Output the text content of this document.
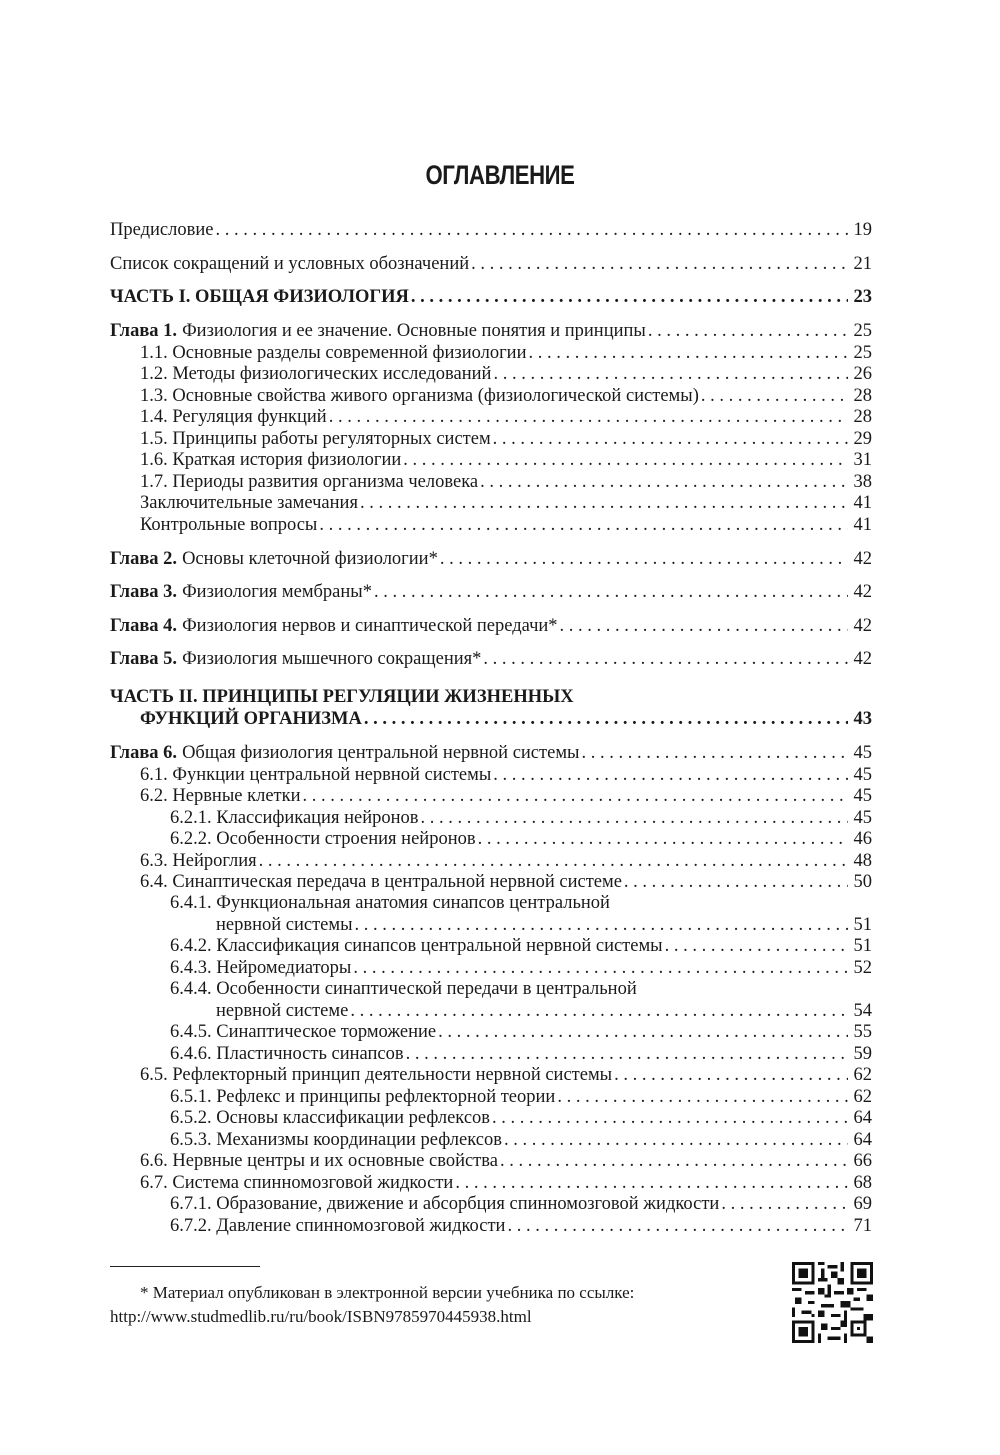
ОГЛАВЛЕНИЕ
Предисловие . . .	19
Список сокращений и условных обозначений . . .	21
ЧАСТЬ I. ОБЩАЯ ФИЗИОЛОГИЯ . . .	23
Глава 1. Физиология и ее значение. Основные понятия и принципы . . .	25
1.1. Основные разделы современной физиологии . . .	25
1.2. Методы физиологических исследований . . .	26
1.3. Основные свойства живого организма (физиологической системы) . . .	28
1.4. Регуляция функций . . .	28
1.5. Принципы работы регуляторных систем . . .	29
1.6. Краткая история физиологии . . .	31
1.7. Периоды развития организма человека . . .	38
Заключительные замечания . . .	41
Контрольные вопросы . . .	41
Глава 2. Основы клеточной физиологии* . . .	42
Глава 3. Физиология мембраны* . . .	42
Глава 4. Физиология нервов и синаптической передачи* . . .	42
Глава 5. Физиология мышечного сокращения* . . .	42
ЧАСТЬ II. ПРИНЦИПЫ РЕГУЛЯЦИИ ЖИЗНЕННЫХ
ФУНКЦИЙ ОРГАНИЗМА . . .	43
Глава 6. Общая физиология центральной нервной системы . . .	45
6.1. Функции центральной нервной системы . . .	45
6.2. Нервные клетки . . .	45
6.2.1. Классификация нейронов . . .	45
6.2.2. Особенности строения нейронов . . .	46
6.3. Нейроглия . . .	48
6.4. Синаптическая передача в центральной нервной системе . . .	50
6.4.1. Функциональная анатомия синапсов центральной
нервной системы . . .	51
6.4.2. Классификация синапсов центральной нервной системы . . .	51
6.4.3. Нейромедиаторы . . .	52
6.4.4. Особенности синаптической передачи в центральной
нервной системе . . .	54
6.4.5. Синаптическое торможение . . .	55
6.4.6. Пластичность синапсов . . .	59
6.5. Рефлекторный принцип деятельности нервной системы . . .	62
6.5.1. Рефлекс и принципы рефлекторной теории . . .	62
6.5.2. Основы классификации рефлексов . . .	64
6.5.3. Механизмы координации рефлексов . . .	64
6.6. Нервные центры и их основные свойства . . .	66
6.7. Система спинномозговой жидкости . . .	68
6.7.1. Образование, движение и абсорбция спинномозговой жидкости . . .	69
6.7.2. Давление спинномозговой жидкости . . .	71
* Материал опубликован в электронной версии учебника по ссылке:
http://www.studmedlib.ru/ru/book/ISBN9785970445938.html
